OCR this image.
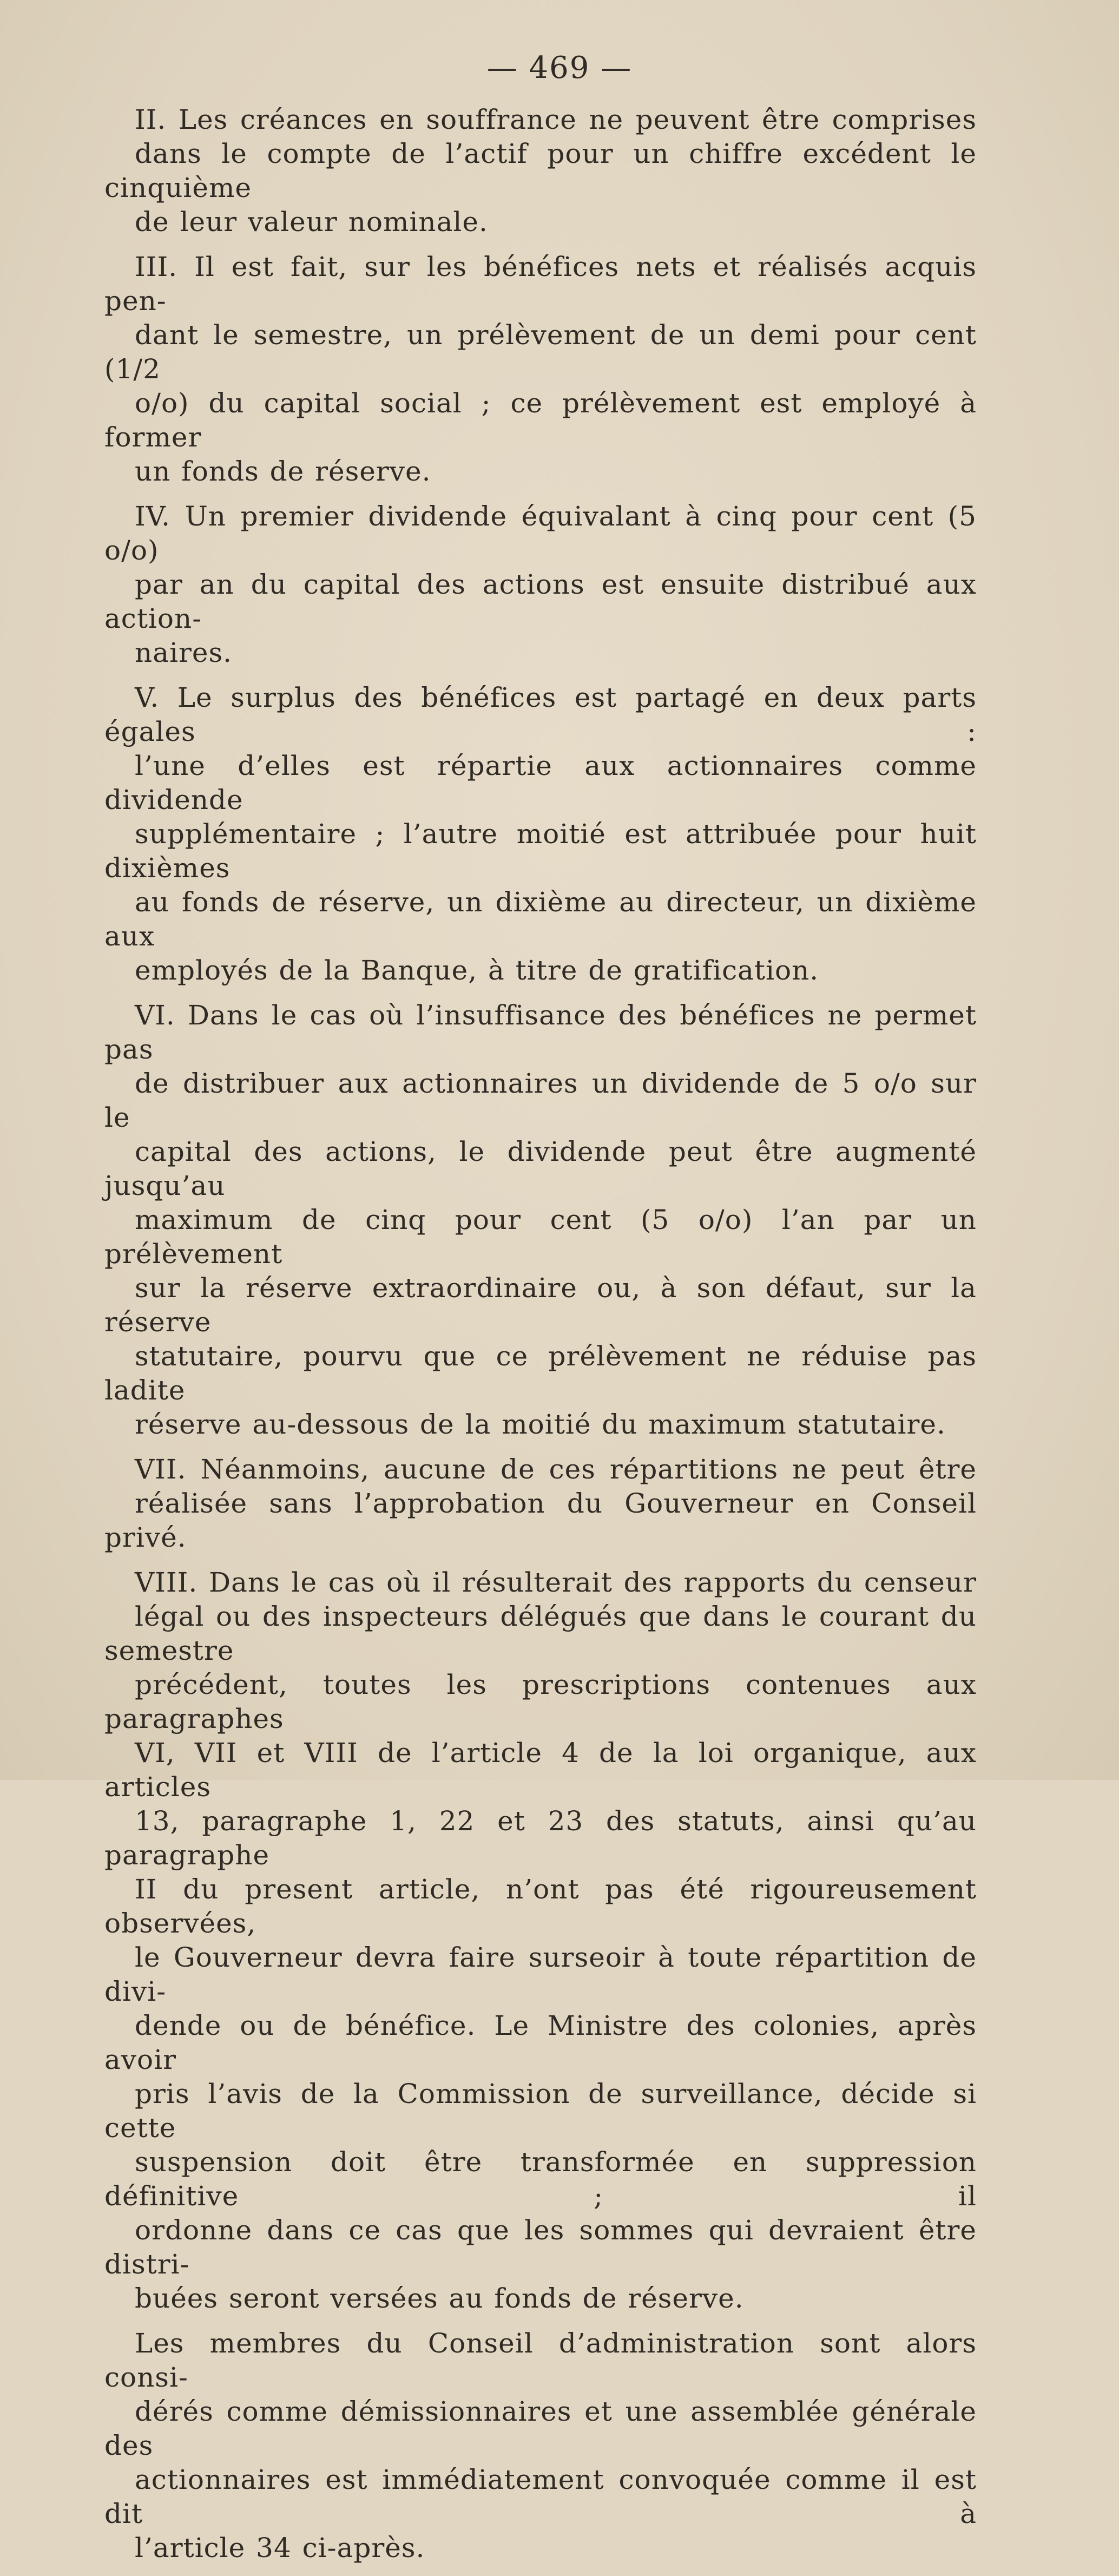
— 469 —
II. Les créances en souffrance ne peuvent être comprises
dans le compte de l’actif pour un chiffre excédent le cinquième
de leur valeur nominale.
III. Il est fait, sur les bénéfices nets et réalisés acquis pen-
dant le semestre, un prélèvement de un demi pour cent (1/2
o/o) du capital social ; ce prélèvement est employé à former
un fonds de réserve.
IV. Un premier dividende équivalant à cinq pour cent (5 o/o)
par an du capital des actions est ensuite distribué aux action-
naires.
V. Le surplus des bénéfices est partagé en deux parts égales :
l’une d’elles est répartie aux actionnaires comme dividende
supplémentaire ; l’autre moitié est attribuée pour huit dixièmes
au fonds de réserve, un dixième au directeur, un dixième aux
employés de la Banque, à titre de gratification.
VI. Dans le cas où l’insuffisance des bénéfices ne permet pas
de distribuer aux actionnaires un dividende de 5 o/o sur le
capital des actions, le dividende peut être augmenté jusqu’au
maximum de cinq pour cent (5 o/o) l’an par un prélèvement
sur la réserve extraordinaire ou, à son défaut, sur la réserve
statutaire, pourvu que ce prélèvement ne réduise pas ladite
réserve au-dessous de la moitié du maximum statutaire.
VII. Néanmoins, aucune de ces répartitions ne peut être
réalisée sans l’approbation du Gouverneur en Conseil privé.
VIII. Dans le cas où il résulterait des rapports du censeur
légal ou des inspecteurs délégués que dans le courant du semestre
précédent, toutes les prescriptions contenues aux paragraphes
VI, VII et VIII de l’article 4 de la loi organique, aux articles
13, paragraphe 1, 22 et 23 des statuts, ainsi qu’au paragraphe
II du present article, n’ont pas été rigoureusement observées,
le Gouverneur devra faire surseoir à toute répartition de divi-
dende ou de bénéfice. Le Ministre des colonies, après avoir
pris l’avis de la Commission de surveillance, décide si cette
suspension doit être transformée en suppression définitive ; il
ordonne dans ce cas que les sommes qui devraient être distri-
buées seront versées au fonds de réserve.
Les membres du Conseil d’administration sont alors consi-
dérés comme démissionnaires et une assemblée générale des
actionnaires est immédiatement convoquée comme il est dit à
l’article 34 ci-après.
